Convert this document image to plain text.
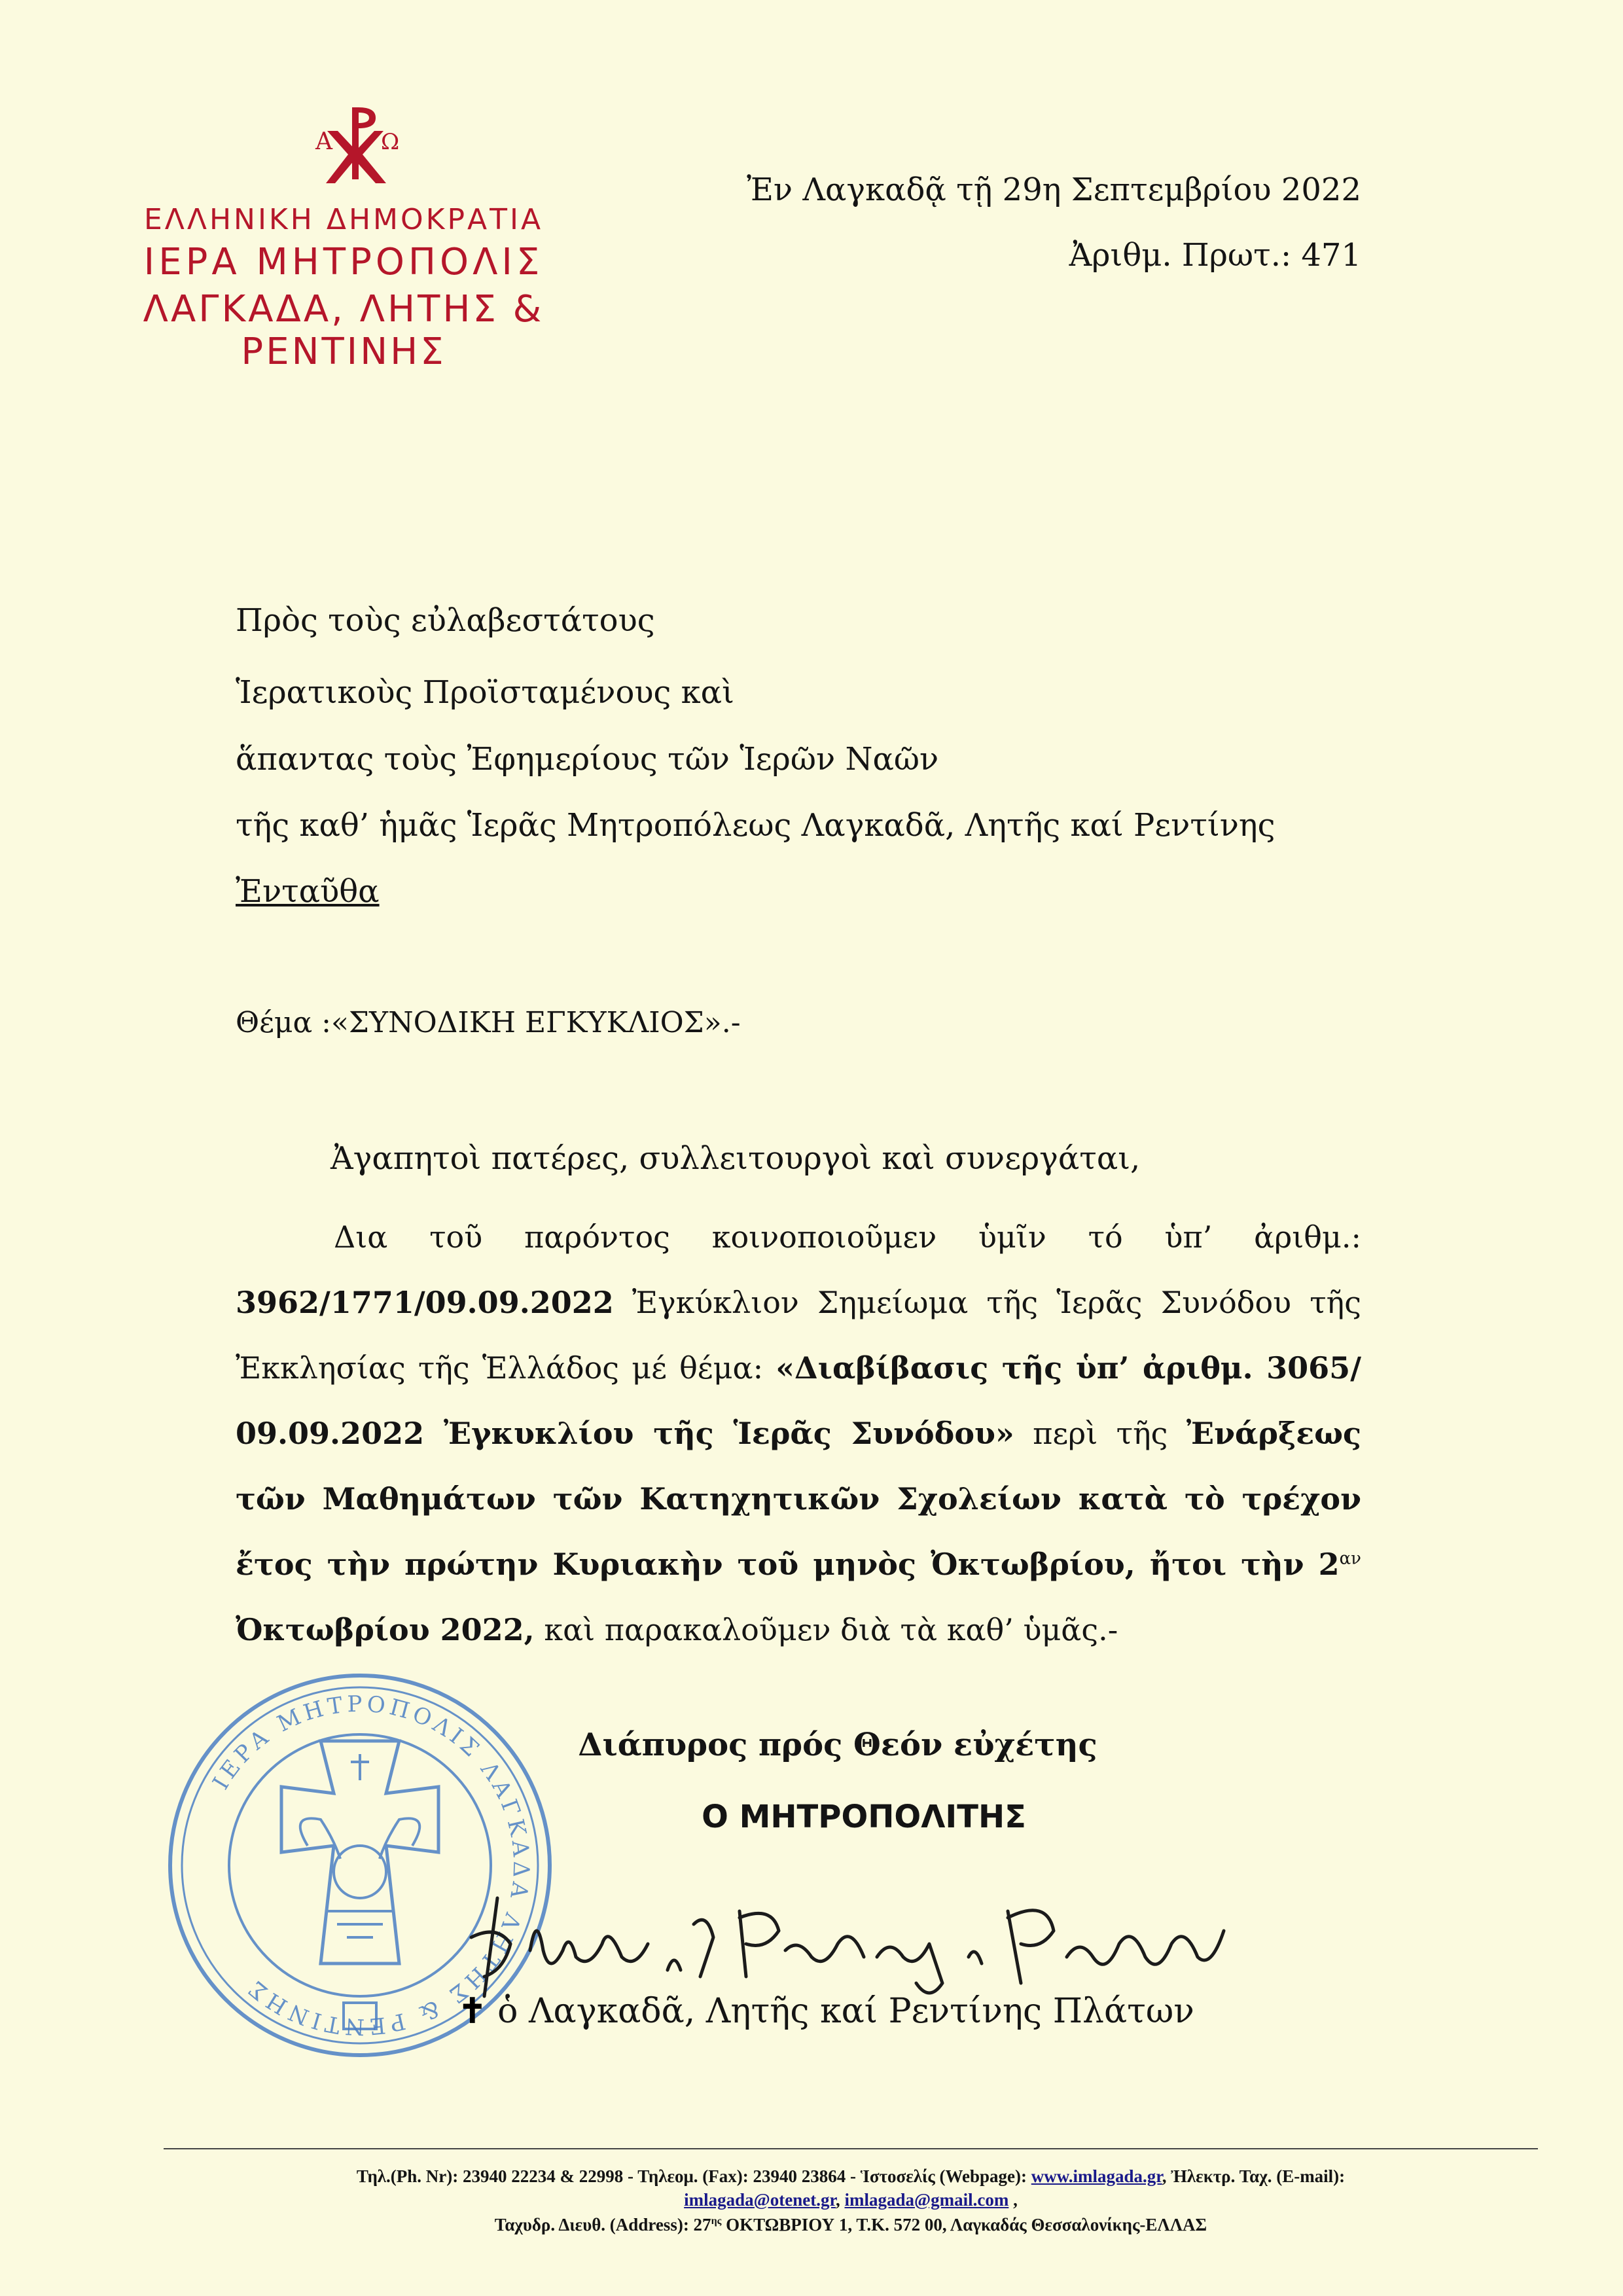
Α Ω
ΕΛΛΗΝΙΚΗ ΔΗΜΟΚΡΑΤΙΑ
ΙΕΡΑ ΜΗΤΡΟΠΟΛΙΣ
ΛΑΓΚΑΔΑ, ΛΗΤΗΣ & ΡΕΝΤΙΝΗΣ
Ἐν Λαγκαδᾷ τῇ 29η Σεπτεμβρίου 2022
Ἀριθμ. Πρωτ.: 471
Πρὸς τοὺς εὐλαβεστάτους
Ἱερατικοὺς Προϊσταμένους καὶ
ἅπαντας τοὺς Ἐφημερίους τῶν Ἱερῶν Ναῶν
τῆς καθ’ ἡμᾶς Ἱερᾶς Μητροπόλεως Λαγκαδᾶ, Λητῆς καί Ρεντίνης
Ἐνταῦθα
Θέμα :«ΣΥΝΟΔΙΚΗ ΕΓΚΥΚΛΙΟΣ».-
Ἀγαπητοὶ πατέρες, συλλειτουργοὶ καὶ συνεργάται,
Δια τοῦ παρόντος κοινοποιοῦμεν ὑμῖν τό ὑπ’ ἀριθμ.: 3962/1771/09.09.2022 Ἐγκύκλιον Σημείωμα τῆς Ἱερᾶς Συνόδου τῆς Ἐκκλησίας τῆς Ἑλλάδος μέ θέμα: «Διαβίβασις τῆς ὑπ’ ἀριθμ. 3065/ 09.09.2022 Ἐγκυκλίου τῆς Ἱερᾶς Συνόδου» περὶ τῆς Ἐνάρξεως τῶν Μαθημάτων τῶν Κατηχητικῶν Σχολείων κατὰ τὸ τρέχον ἔτος τὴν πρώτην Κυριακὴν τοῦ μηνὸς Ὀκτωβρίου, ἤτοι τὴν $2^{\alpha\nu}$ Ὀκτωβρίου 2022, καὶ παρακαλοῦμεν διὰ τὰ καθ’ ὑμᾶς.-
ΙΕΡΑ ΜΗΤΡΟΠΟΛΙΣ ΛΑΓΚΑΔΑ ΛΗΤΗΣ & ΡΕΝΤΙΝΗΣ
Διάπυρος πρός Θεόν εὐχέτης
Ο ΜΗΤΡΟΠΟΛΙΤΗΣ
✝ ὁ Λαγκαδᾶ, Λητῆς καί Ρεντίνης Πλάτων
Τηλ.(Ph. Nr): 23940 22234 & 22998 - Τηλεομ. (Fax): 23940 23864 - Ἱστοσελίς (Webpage): www.imlagada.gr, Ἠλεκτρ. Ταχ. (E-mail):
imlagada@otenet.gr, imlagada@gmail.com ,
Ταχυδρ. Διευθ. (Address): $27^{\eta\varsigma}$ ΟΚΤΩΒΡΙΟΥ 1, Τ.Κ. 572 00, Λαγκαδάς Θεσσαλονίκης-ΕΛΛΑΣ
